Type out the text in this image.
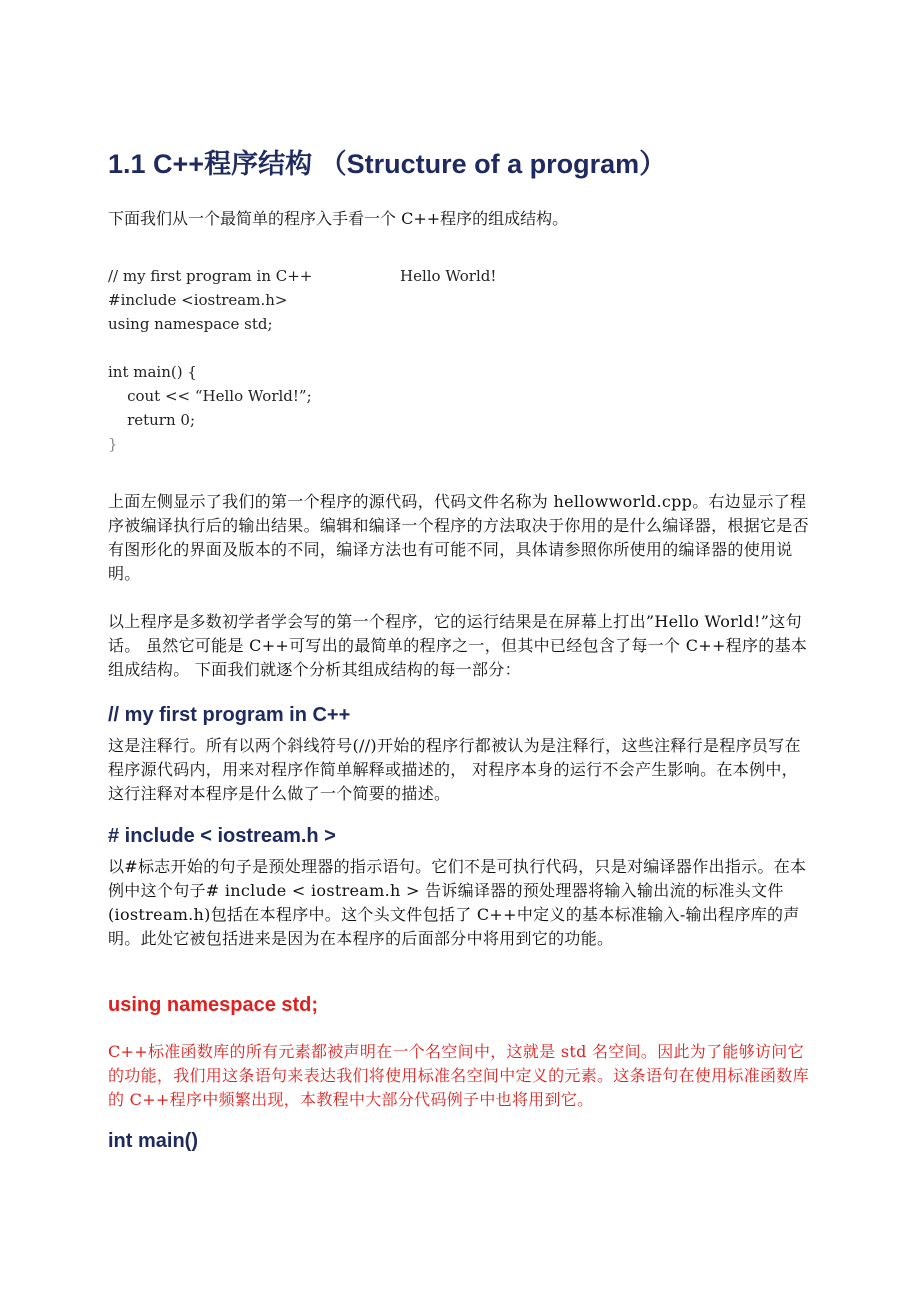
1.1 C++程序结构 （Structure of a program）

下面我们从一个最简单的程序入手看一个 C++程序的组成结构。

// my first program in C++
#include <iostream.h>
using namespace std;

int main() {
cout << “Hello World!”;
return 0;
}
Hello World!

上面左侧显示了我们的第一个程序的源代码，代码文件名称为 hellowworld.cpp。右边显示了程序被编译执行后的输出结果。编辑和编译一个程序的方法取决于你用的是什么编译器，根据它是否有图形化的界面及版本的不同，编译方法也有可能不同，具体请参照你所使用的编译器的使用说明。

以上程序是多数初学者学会写的第一个程序，它的运行结果是在屏幕上打出”Hello World!”这句话。 虽然它可能是 C++可写出的最简单的程序之一，但其中已经包含了每一个 C++程序的基本组成结构。 下面我们就逐个分析其组成结构的每一部分：

// my first program in C++

这是注释行。所有以两个斜线符号(//)开始的程序行都被认为是注释行，这些注释行是程序员写在程序源代码内，用来对程序作简单解释或描述的， 对程序本身的运行不会产生影响。在本例中， 这行注释对本程序是什么做了一个简要的描述。

# include < iostream.h >

以#标志开始的句子是预处理器的指示语句。它们不是可执行代码，只是对编译器作出指示。在本例中这个句子# include < iostream.h > 告诉编译器的预处理器将输入输出流的标准头文件(iostream.h)包括在本程序中。这个头文件包括了 C++中定义的基本标准输入-输出程序库的声明。此处它被包括进来是因为在本程序的后面部分中将用到它的功能。

using namespace std;

C++标准函数库的所有元素都被声明在一个名空间中，这就是 std 名空间。因此为了能够访问它的功能，我们用这条语句来表达我们将使用标准名空间中定义的元素。这条语句在使用标准函数库的 C++程序中频繁出现，本教程中大部分代码例子中也将用到它。

int main()
